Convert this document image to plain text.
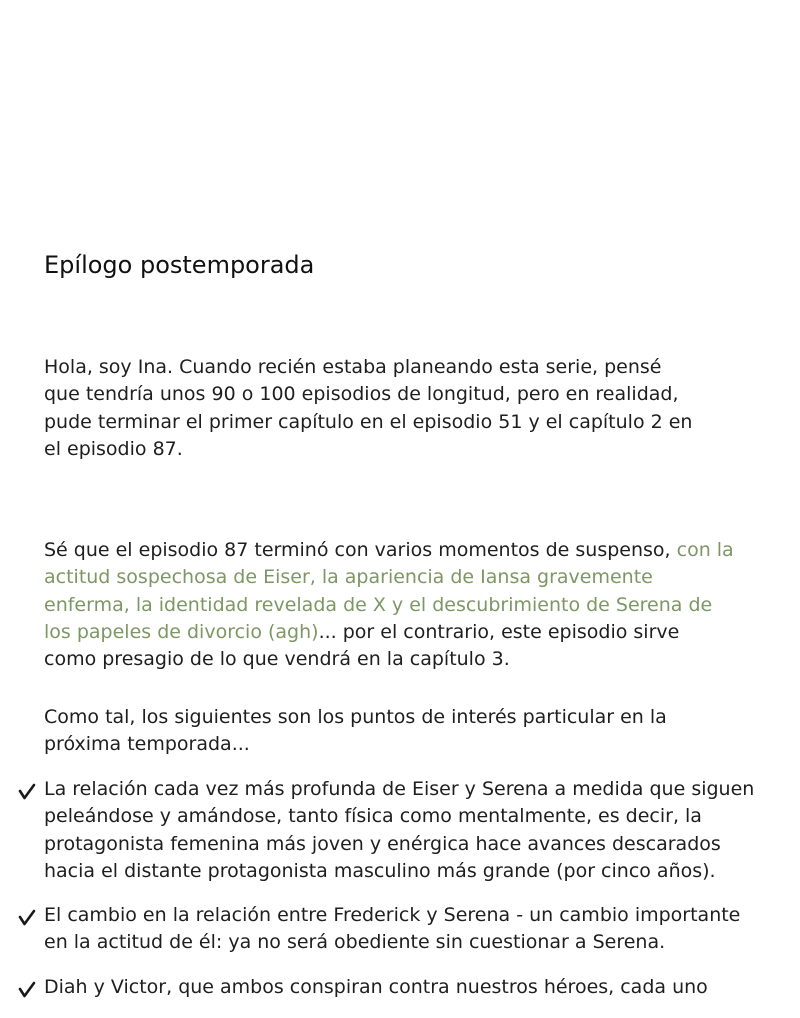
Epílogo postemporada

Hola, soy Ina. Cuando recién estaba planeando esta serie, pensé que tendría unos 90 o 100 episodios de longitud, pero en realidad, pude terminar el primer capítulo en el episodio 51 y el capítulo 2 en el episodio 87.

Sé que el episodio 87 terminó con varios momentos de suspenso, con la actitud sospechosa de Eiser, la apariencia de Iansa gravemente enferma, la identidad revelada de X y el descubrimiento de Serena de los papeles de divorcio (agh)... por el contrario, este episodio sirve como presagio de lo que vendrá en la capítulo 3.

Como tal, los siguientes son los puntos de interés particular en la próxima temporada...

La relación cada vez más profunda de Eiser y Serena a medida que siguen peleándose y amándose, tanto física como mentalmente, es decir, la protagonista femenina más joven y enérgica hace avances descarados hacia el distante protagonista masculino más grande (por cinco años).
El cambio en la relación entre Frederick y Serena - un cambio importante en la actitud de él: ya no será obediente sin cuestionar a Serena.
Diah y Victor, que ambos conspiran contra nuestros héroes, cada uno
